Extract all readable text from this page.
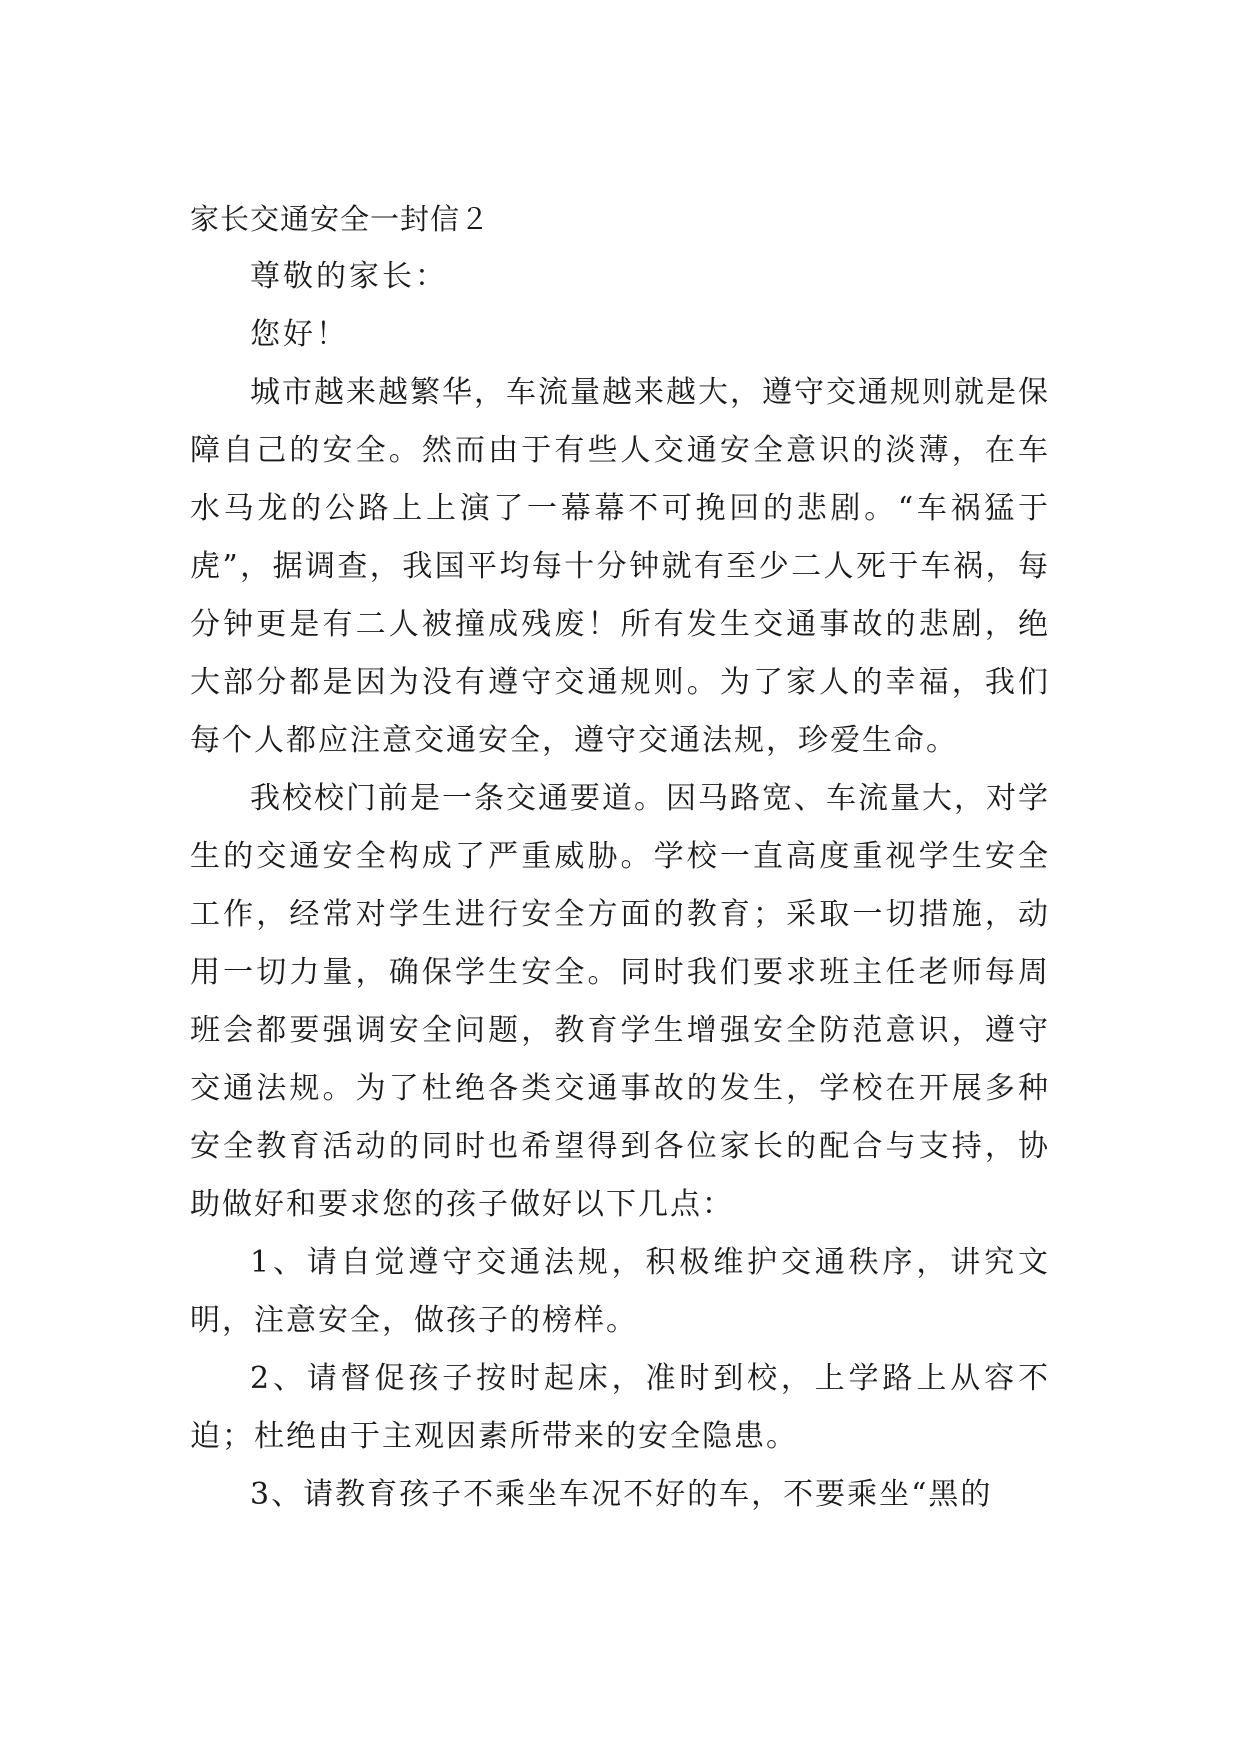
家长交通安全一封信２

尊敬的家长：

您好！

城市越来越繁华，车流量越来越大，遵守交通规则就是保障自己的安全。然而由于有些人交通安全意识的淡薄，在车水马龙的公路上上演了一幕幕不可挽回的悲剧。“车祸猛于虎”，据调查，我国平均每十分钟就有至少二人死于车祸，每分钟更是有二人被撞成残废！所有发生交通事故的悲剧，绝大部分都是因为没有遵守交通规则。为了家人的幸福，我们每个人都应注意交通安全，遵守交通法规，珍爱生命。

我校校门前是一条交通要道。因马路宽、车流量大，对学生的交通安全构成了严重威胁。学校一直高度重视学生安全工作，经常对学生进行安全方面的教育；采取一切措施，动用一切力量，确保学生安全。同时我们要求班主任老师每周班会都要强调安全问题，教育学生增强安全防范意识，遵守交通法规。为了杜绝各类交通事故的发生，学校在开展多种安全教育活动的同时也希望得到各位家长的配合与支持，协助做好和要求您的孩子做好以下几点：

1、请自觉遵守交通法规，积极维护交通秩序，讲究文明，注意安全，做孩子的榜样。

2、请督促孩子按时起床，准时到校，上学路上从容不迫；杜绝由于主观因素所带来的安全隐患。

3、请教育孩子不乘坐车况不好的车，不要乘坐“黑的
